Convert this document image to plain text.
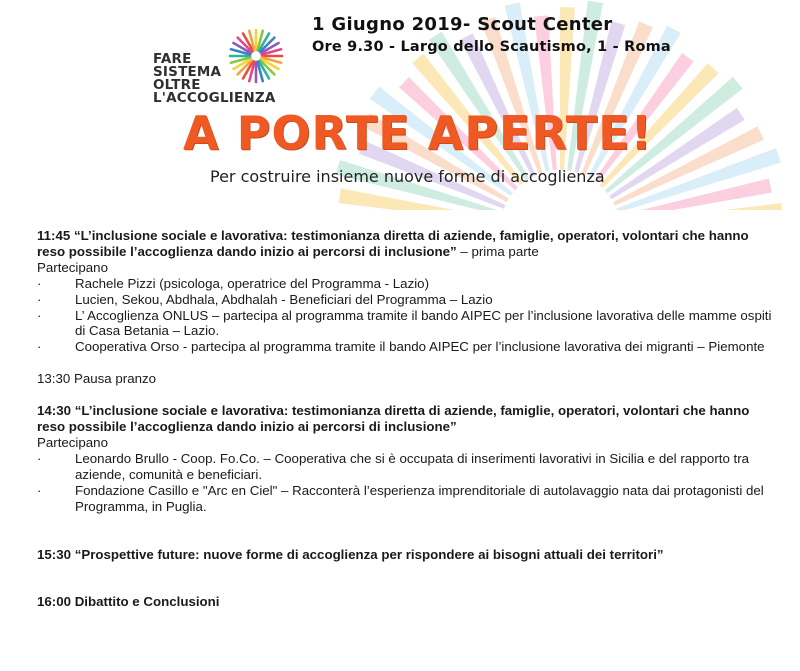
FARE
SISTEMA
OLTRE
L'ACCOGLIENZA
1 Giugno 2019- Scout Center
Ore 9.30 - Largo dello Scautismo, 1 - Roma
A PORTE APERTE!
Per costruire insieme nuove forme di accoglienza

11:45 “L’inclusione sociale e lavorativa: testimonianza diretta di aziende, famiglie, operatori, volontari che hanno reso possibile l’accoglienza dando inizio ai percorsi di inclusione” – prima parte

Partecipano

·	Rachele Pizzi (psicologa, operatrice del Programma - Lazio)
·	Lucien, Sekou, Abdhala, Abdhalah - Beneficiari del Programma – Lazio
·	L’ Accoglienza ONLUS – partecipa al programma tramite il bando AIPEC per l’inclusione lavorativa delle mamme ospiti di Casa Betania – Lazio.
·	Cooperativa Orso - partecipa al programma tramite il bando AIPEC per l’inclusione lavorativa dei migranti – Piemonte

13:30 Pausa pranzo

14:30 “L’inclusione sociale e lavorativa: testimonianza diretta di aziende, famiglie, operatori, volontari che hanno reso possibile l’accoglienza dando inizio ai percorsi di inclusione”

Partecipano

·	Leonardo Brullo - Coop. Fo.Co. – Cooperativa che si è occupata di inserimenti lavorativi in Sicilia e del rapporto tra aziende, comunità e beneficiari.
·	Fondazione Casillo e "Arc en Ciel" – Racconterà l’esperienza imprenditoriale di autolavaggio nata dai protagonisti del Programma, in Puglia.

15:30 “Prospettive future: nuove forme di accoglienza per rispondere ai bisogni attuali dei territori”

16:00 Dibattito e Conclusioni
